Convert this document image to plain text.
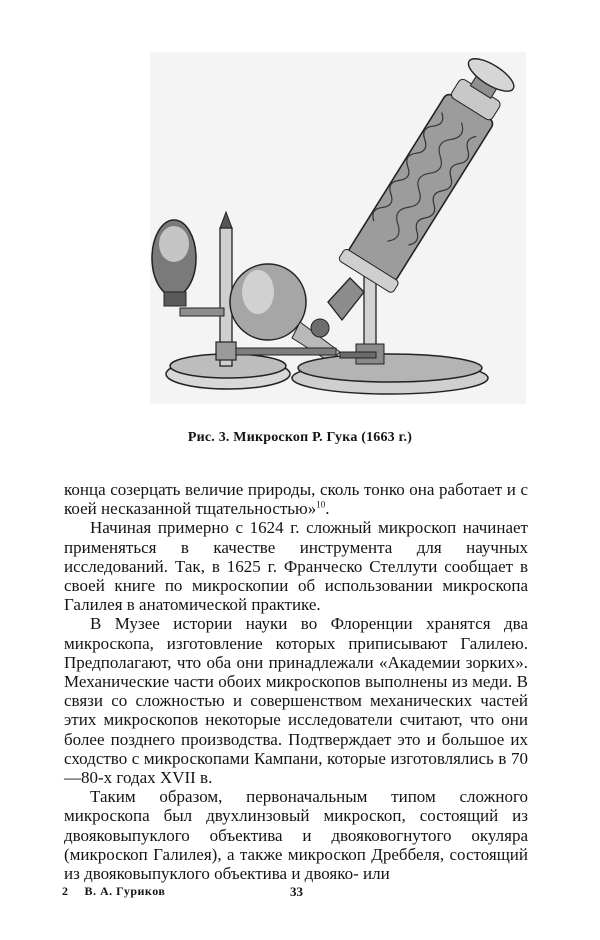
Рис. 3. Микроскоп Р. Гука (1663 г.)

конца созерцать величие природы, сколь тонко она работает и с коей несказанной тщательностью»$^{10}$.

Начиная примерно с 1624 г. сложный микроскоп начинает применяться в качестве инструмента для научных исследований. Так, в 1625 г. Франческо Стеллути сообщает в своей книге по микроскопии об использовании микроскопа Галилея в анатомической практике.

В Музее истории науки во Флоренции хранятся два микроскопа, изготовление которых приписывают Галилею. Предполагают, что оба они принадлежали «Академии зорких». Механические части обоих микроскопов выполнены из меди. В связи со сложностью и совершенством механических частей этих микроскопов некоторые исследователи считают, что они более позднего производства. Подтверждает это и большое их сходство с микроскопами Кампани, которые изготовлялись в 70—80-х годах XVII в.

Таким образом, первоначальным типом сложного микроскопа был двухлинзовый микроскоп, состоящий из двояковыпуклого объектива и двояковогнутого окуляра (микроскоп Галилея), а также микроскоп Дреббеля, состоящий из двояковыпуклого объектива и двояко- или

2 В. А. Гуриков	33
